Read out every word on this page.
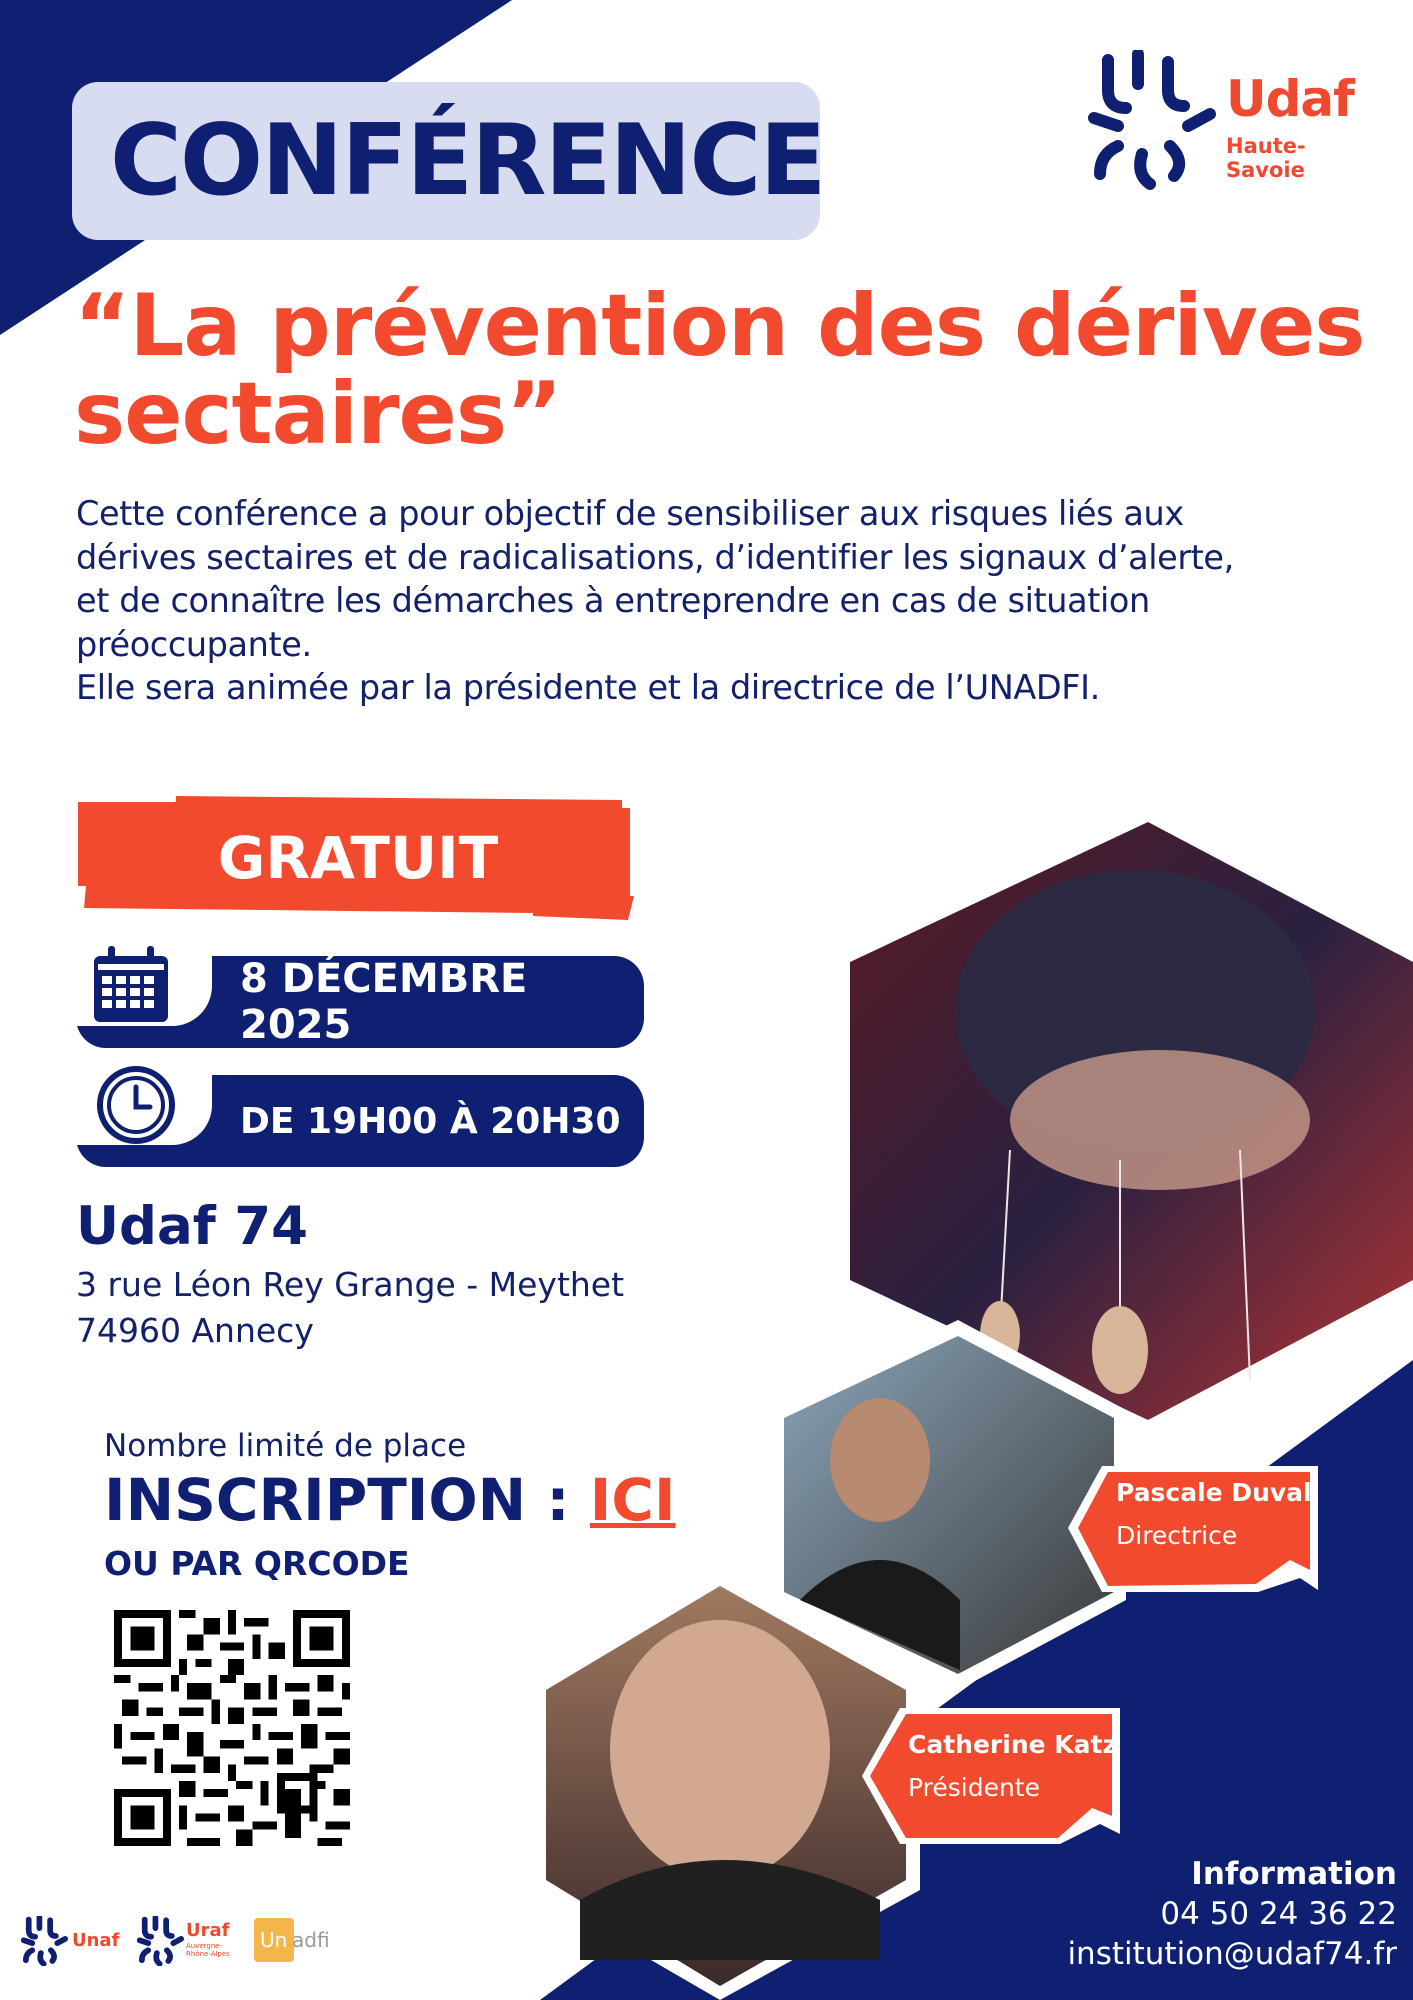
CONFÉRENCE
Udaf
Haute-Savoie
“La prévention des dérives
sectaires”

Cette conférence a pour objectif de sensibiliser aux risques liés aux

dérives sectaires et de radicalisations, d’identifier les signaux d’alerte,

et de connaître les démarches à entreprendre en cas de situation

préoccupante.

Elle sera animée par la présidente et la directrice de l’UNADFI.

GRATUIT
8 DÉCEMBRE 2025
DE 19H00 À 20H30
Udaf 74
3 rue Léon Rey Grange - Meythet
74960 Annecy
Nombre limité de place
INSCRIPTION : ICI
OU PAR QRCODE
Pascale Duval
Directrice
Catherine Katz
Présidente
Information
04 50 24 36 22
institution@udaf74.fr
Unaf	Uraf
Auvergne-Rhône-Alpes
Un adfi
